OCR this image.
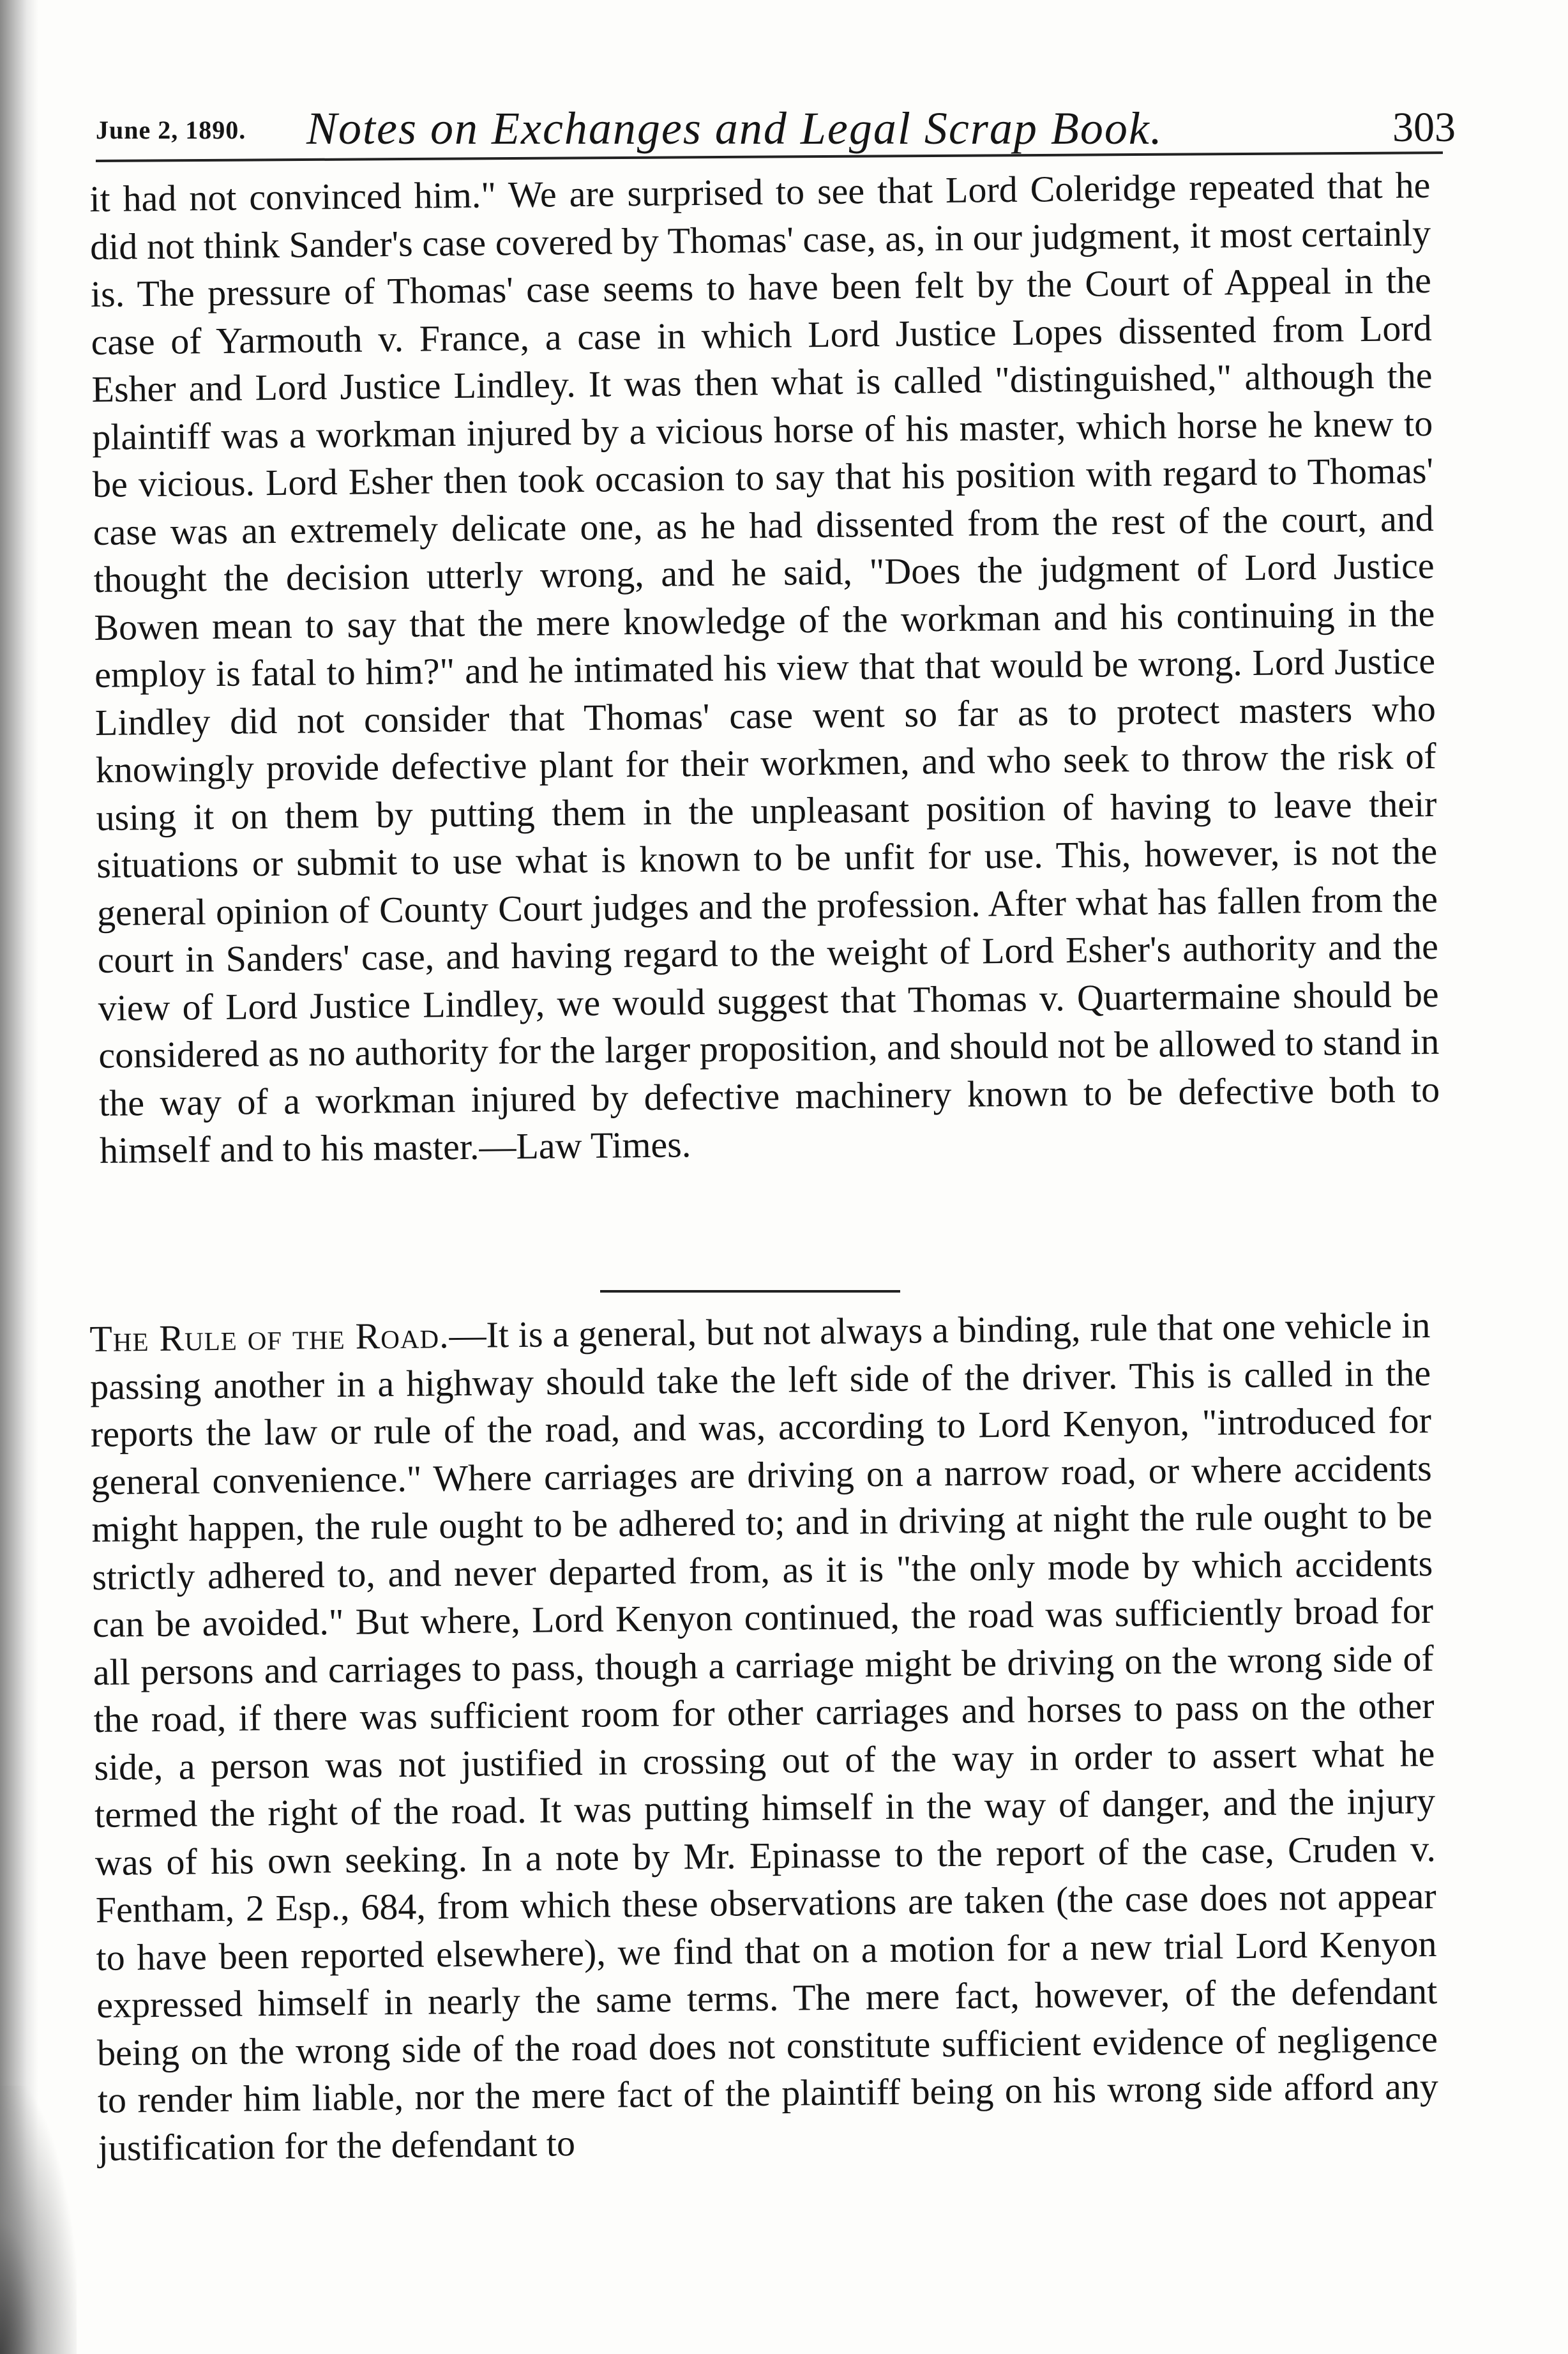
June 2, 1890. Notes on Exchanges and Legal Scrap Book.	303

it had not convinced him." We are surprised to see that Lord Coleridge repeated that he did not think Sander's case covered by Thomas' case, as, in our judgment, it most certainly is. The pressure of Thomas' case seems to have been felt by the Court of Appeal in the case of Yarmouth v. France, a case in which Lord Justice Lopes dissented from Lord Esher and Lord Justice Lindley. It was then what is called "distinguished," although the plaintiff was a workman injured by a vicious horse of his master, which horse he knew to be vicious. Lord Esher then took occasion to say that his position with regard to Thomas' case was an extremely delicate one, as he had dissented from the rest of the court, and thought the decision utterly wrong, and he said, "Does the judgment of Lord Justice Bowen mean to say that the mere knowledge of the workman and his continuing in the employ is fatal to him?" and he intimated his view that that would be wrong. Lord Justice Lindley did not consider that Thomas' case went so far as to protect masters who knowingly provide defective plant for their workmen, and who seek to throw the risk of using it on them by putting them in the unpleasant position of having to leave their situations or submit to use what is known to be unfit for use. This, however, is not the general opinion of County Court judges and the profession. After what has fallen from the court in Sanders' case, and having regard to the weight of Lord Esher's authority and the view of Lord Justice Lindley, we would suggest that Thomas v. Quartermaine should be considered as no authority for the larger proposition, and should not be allowed to stand in the way of a workman injured by defective machinery known to be defective both to himself and to his master.—Law Times.

The Rule of the Road.—It is a general, but not always a binding, rule that one vehicle in passing another in a highway should take the left side of the driver. This is called in the reports the law or rule of the road, and was, according to Lord Kenyon, "introduced for general convenience." Where carriages are driving on a narrow road, or where accidents might happen, the rule ought to be adhered to; and in driving at night the rule ought to be strictly adhered to, and never departed from, as it is "the only mode by which accidents can be avoided." But where, Lord Kenyon continued, the road was sufficiently broad for all persons and carriages to pass, though a carriage might be driving on the wrong side of the road, if there was sufficient room for other carriages and horses to pass on the other side, a person was not justified in crossing out of the way in order to assert what he termed the right of the road. It was putting himself in the way of danger, and the injury was of his own seeking. In a note by Mr. Epinasse to the report of the case, Cruden v. Fentham, 2 Esp., 684, from which these observations are taken (the case does not appear to have been reported elsewhere), we find that on a motion for a new trial Lord Kenyon expressed himself in nearly the same terms. The mere fact, however, of the defendant being on the wrong side of the road does not constitute sufficient evidence of negligence to render him liable, nor the mere fact of the plaintiff being on his wrong side afford any justification for the defendant to
